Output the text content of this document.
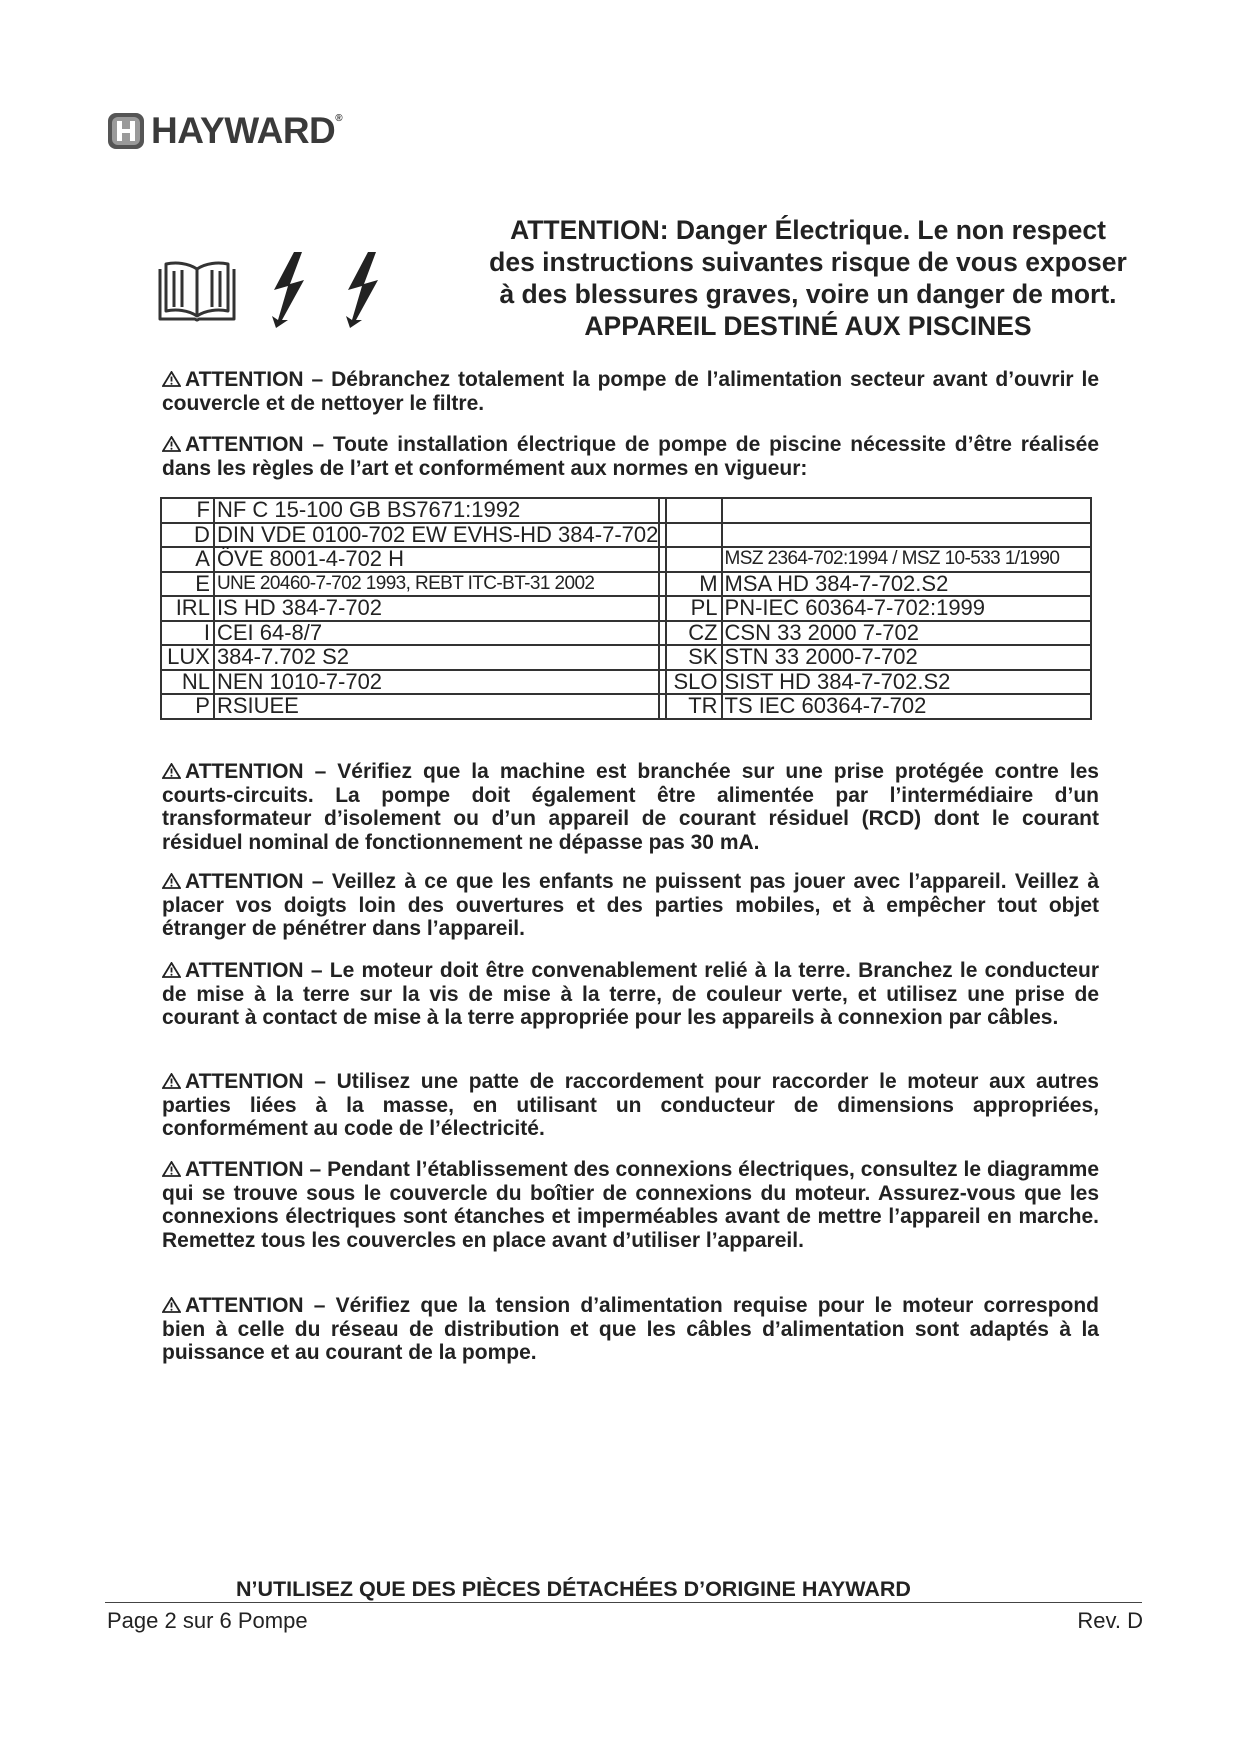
HAYWARD®
ATTENTION: Danger Électrique. Le non respect
des instructions suivantes risque de vous exposer
à des blessures graves, voire un danger de mort.
APPAREIL DESTINÉ AUX PISCINES
ATTENTION – Débranchez totalement la pompe de l’alimentation secteur avant d’ouvrir le couvercle et de nettoyer le filtre.
ATTENTION – Toute installation électrique de pompe de piscine nécessite d’être réalisée dans les règles de l’art et conformément aux normes en vigueur:
F	NF C 15-100 GB BS7671:1992			
D	DIN VDE 0100-702 EW EVHS-HD 384-7-702			
A	ÖVE 8001-4-702 H			MSZ 2364-702:1994 / MSZ 10-533 1/1990
E	UNE 20460-7-702 1993, REBT ITC-BT-31 2002		M	MSA HD 384-7-702.S2
IRL	IS HD 384-7-702		PL	PN-IEC 60364-7-702:1999
I	CEI 64-8/7		CZ	CSN 33 2000 7-702
LUX	384-7.702 S2		SK	STN 33 2000-7-702
NL	NEN 1010-7-702		SLO	SIST HD 384-7-702.S2
P	RSIUEE		TR	TS IEC 60364-7-702
ATTENTION – Vérifiez que la machine est branchée sur une prise protégée contre les courts-circuits. La pompe doit également être alimentée par l’intermédiaire d’un transformateur d’isolement ou d’un appareil de courant résiduel (RCD) dont le courant résiduel nominal de fonctionnement ne dépasse pas 30 mA.
ATTENTION – Veillez à ce que les enfants ne puissent pas jouer avec l’appareil. Veillez à placer vos doigts loin des ouvertures et des parties mobiles, et à empêcher tout objet étranger de pénétrer dans l’appareil.
ATTENTION – Le moteur doit être convenablement relié à la terre. Branchez le conducteur de mise à la terre sur la vis de mise à la terre, de couleur verte, et utilisez une prise de courant à contact de mise à la terre appropriée pour les appareils à connexion par câbles.
ATTENTION – Utilisez une patte de raccordement pour raccorder le moteur aux autres parties liées à la masse, en utilisant un conducteur de dimensions appropriées, conformément au code de l’électricité.
ATTENTION – Pendant l’établissement des connexions électriques, consultez le diagramme qui se trouve sous le couvercle du boîtier de connexions du moteur. Assurez-vous que les connexions électriques sont étanches et imperméables avant de mettre l’appareil en marche. Remettez tous les couvercles en place avant d’utiliser l’appareil.
ATTENTION – Vérifiez que la tension d’alimentation requise pour le moteur correspond bien à celle du réseau de distribution et que les câbles d’alimentation sont adaptés à la puissance et au courant de la pompe.
N’UTILISEZ QUE DES PIÈCES DÉTACHÉES D’ORIGINE HAYWARD
Page 2 sur 6 Pompe	Rev. D
